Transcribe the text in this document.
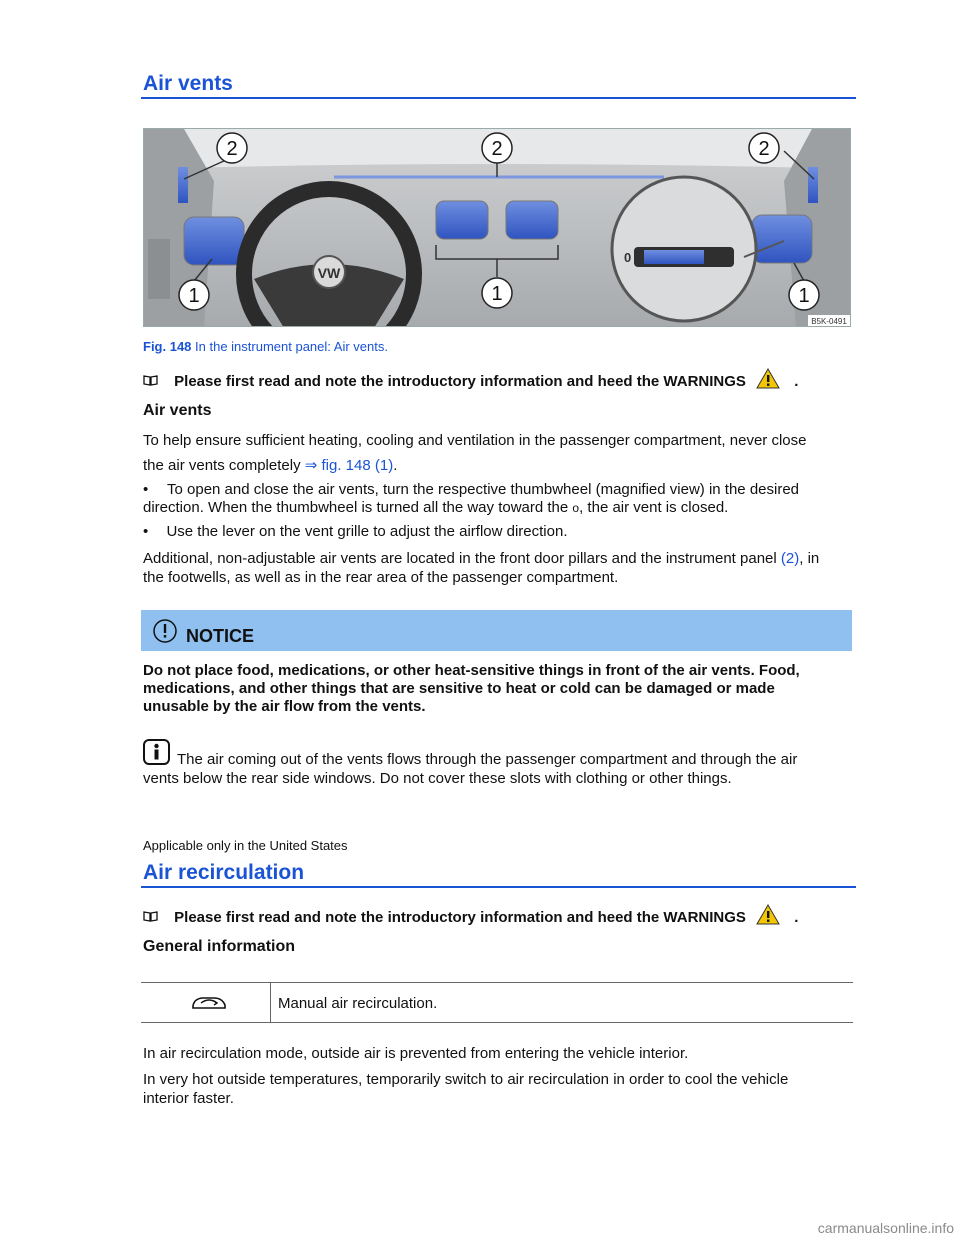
Air vents
VW
0
2	2	2
1	1	1
B5K-0491
Fig. 148 In the instrument panel: Air vents.
Please first read and note the introductory information and heed the WARNINGS	.
Air vents
To help ensure sufficient heating, cooling and ventilation in the passenger compartment, never close
the air vents completely ⇒ fig. 148 (1).
•	To open and close the air vents, turn the respective thumbwheel (magnified view) in the desired
direction. When the thumbwheel is turned all the way toward the o, the air vent is closed.
• Use the lever on the vent grille to adjust the airflow direction.
Additional, non-adjustable air vents are located in the front door pillars and the instrument panel (2), in
the footwells, as well as in the rear area of the passenger compartment.
NOTICE
Do not place food, medications, or other heat-sensitive things in front of the air vents. Food,
medications, and other things that are sensitive to heat or cold can be damaged or made
unusable by the air flow from the vents.
The air coming out of the vents flows through the passenger compartment and through the air
vents below the rear side windows. Do not cover these slots with clothing or other things.
Applicable only in the United States
Air recirculation
Please first read and note the introductory information and heed the WARNINGS	.
General information
Manual air recirculation.
In air recirculation mode, outside air is prevented from entering the vehicle interior.
In very hot outside temperatures, temporarily switch to air recirculation in order to cool the vehicle
interior faster.
carmanualsonline.info
